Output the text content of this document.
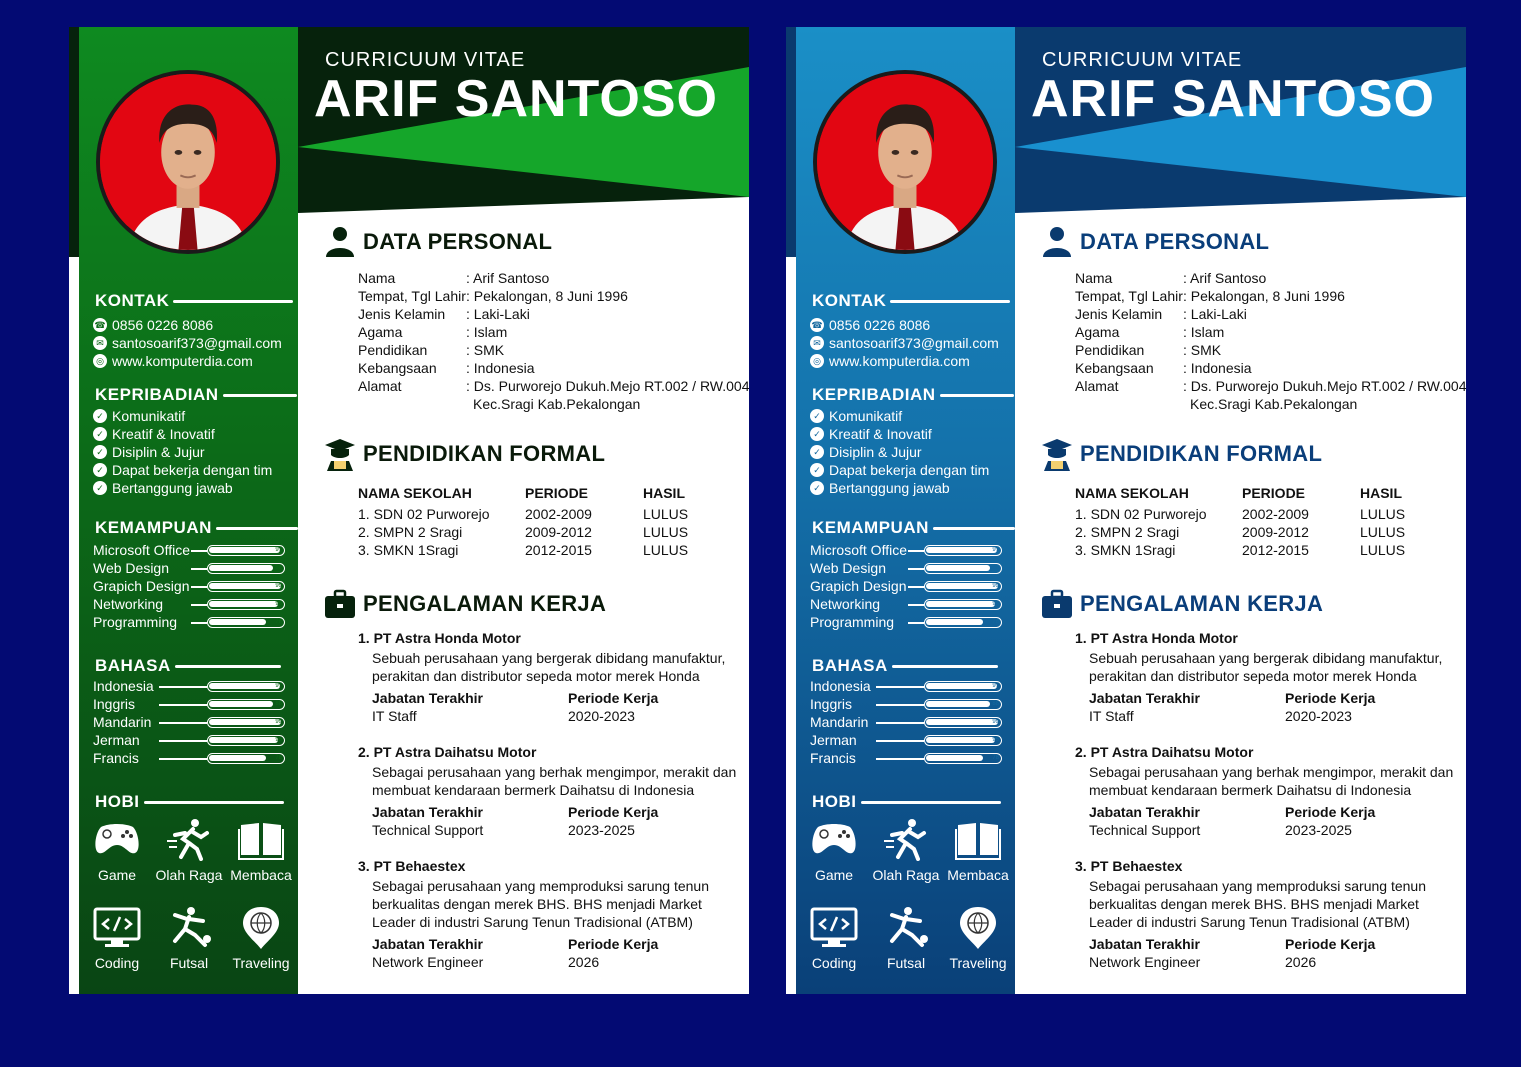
CURRICUUM VITAE
ARIF SANTOSO
KONTAK
☎ 0856 0226 8086
✉ santosoarif373@gmail.com
◎ www.komputerdia.com
KEPRIBADIAN
✓ Komunikatif
✓ Kreatif & Inovatif
✓ Disiplin & Jujur
✓ Dapat bekerja dengan tim
✓ Bertanggung jawab
KEMAMPUAN
Microsoft Office	97
Web Design	88
Grapich Design	99
Networking	95
Programming	78
BAHASA
Indonesia	97
Inggris	88
Mandarin	99
Jerman	95
Francis	78
HOBI
Game	Olah Raga Membaca
Coding	Futsal	Traveling
DATA PERSONAL
Nama	: Arif Santoso
Tempat, Tgl Lahir : Pekalongan, 8 Juni 1996
Jenis Kelamin : Laki-Laki
Agama	: Islam
Pendidikan	: SMK
Kebangsaan : Indonesia
Alamat	: Ds. Purworejo Dukuh.Mejo RT.002 / RW.004
Kec.Sragi Kab.Pekalongan
PENDIDIKAN FORMAL
NAMA SEKOLAH	PERIODE	HASIL
1. SDN 02 Purworejo	2002-2009	LULUS
2. SMPN 2 Sragi	2009-2012	LULUS
3. SMKN 1Sragi	2012-2015	LULUS
PENGALAMAN KERJA
1. PT Astra Honda Motor
Sebuah perusahaan yang bergerak dibidang manufaktur,
perakitan dan distributor sepeda motor merek Honda
Jabatan Terakhir	Periode Kerja
IT Staff	2020-2023
2. PT Astra Daihatsu Motor
Sebagai perusahaan yang berhak mengimpor, merakit dan
membuat kendaraan bermerk Daihatsu di Indonesia
Jabatan Terakhir	Periode Kerja
Technical Support	2023-2025
3. PT Behaestex
Sebagai perusahaan yang memproduksi sarung tenun
berkualitas dengan merek BHS. BHS menjadi Market
Leader di industri Sarung Tenun Tradisional (ATBM)
Jabatan Terakhir	Periode Kerja
Network Engineer	2026
CURRICUUM VITAE
ARIF SANTOSO
KONTAK
☎ 0856 0226 8086
✉ santosoarif373@gmail.com
◎ www.komputerdia.com
KEPRIBADIAN
✓ Komunikatif
✓ Kreatif & Inovatif
✓ Disiplin & Jujur
✓ Dapat bekerja dengan tim
✓ Bertanggung jawab
KEMAMPUAN
Microsoft Office	97
Web Design	88
Grapich Design	99
Networking	95
Programming	78
BAHASA
Indonesia	97
Inggris	88
Mandarin	99
Jerman	95
Francis	78
HOBI
Game	Olah Raga Membaca
Coding	Futsal	Traveling
DATA PERSONAL
Nama	: Arif Santoso
Tempat, Tgl Lahir : Pekalongan, 8 Juni 1996
Jenis Kelamin : Laki-Laki
Agama	: Islam
Pendidikan	: SMK
Kebangsaan : Indonesia
Alamat	: Ds. Purworejo Dukuh.Mejo RT.002 / RW.004
Kec.Sragi Kab.Pekalongan
PENDIDIKAN FORMAL
NAMA SEKOLAH	PERIODE	HASIL
1. SDN 02 Purworejo	2002-2009	LULUS
2. SMPN 2 Sragi	2009-2012	LULUS
3. SMKN 1Sragi	2012-2015	LULUS
PENGALAMAN KERJA
1. PT Astra Honda Motor
Sebuah perusahaan yang bergerak dibidang manufaktur,
perakitan dan distributor sepeda motor merek Honda
Jabatan Terakhir	Periode Kerja
IT Staff	2020-2023
2. PT Astra Daihatsu Motor
Sebagai perusahaan yang berhak mengimpor, merakit dan
membuat kendaraan bermerk Daihatsu di Indonesia
Jabatan Terakhir	Periode Kerja
Technical Support	2023-2025
3. PT Behaestex
Sebagai perusahaan yang memproduksi sarung tenun
berkualitas dengan merek BHS. BHS menjadi Market
Leader di industri Sarung Tenun Tradisional (ATBM)
Jabatan Terakhir	Periode Kerja
Network Engineer	2026
